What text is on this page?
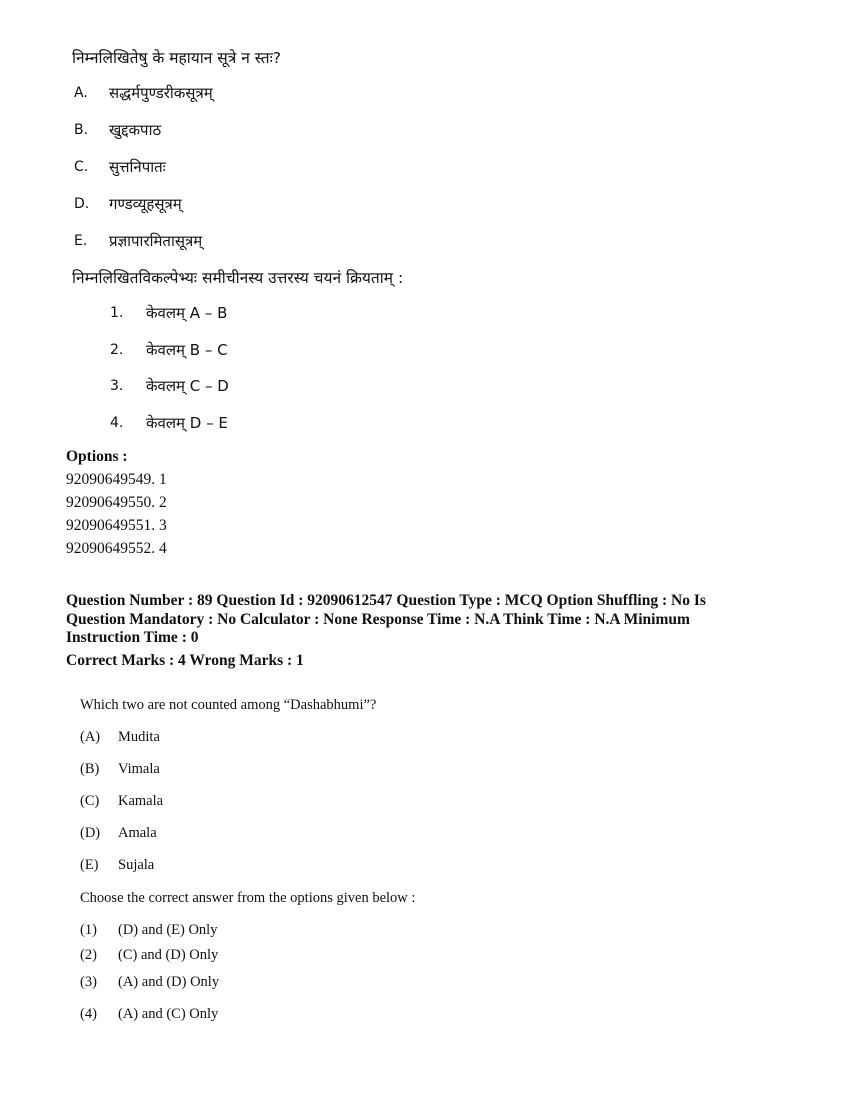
निम्नलिखितेषु के महायान सूत्रे न स्तः?
A. सद्धर्मपुण्डरीकसूत्रम्
B. खुद्दकपाठ
C. सुत्तनिपातः
D. गण्डव्यूहसूत्रम्
E. प्रज्ञापारमितासूत्रम्
निम्नलिखितविकल्पेभ्यः समीचीनस्य उत्तरस्य चयनं क्रियताम् :
1. केवलम् A – B
2. केवलम् B – C
3. केवलम् C – D
4. केवलम् D – E
Options :
92090649549. 1
92090649550. 2
92090649551. 3
92090649552. 4
Question Number : 89 Question Id : 92090612547 Question Type : MCQ Option Shuffling : No Is
Question Mandatory : No Calculator : None Response Time : N.A Think Time : N.A Minimum
Instruction Time : 0
Correct Marks : 4 Wrong Marks : 1
Which two are not counted among “Dashabhumi”?
(A) Mudita
(B) Vimala
(C) Kamala
(D) Amala
(E) Sujala
Choose the correct answer from the options given below :
(1) (D) and (E) Only
(2) (C) and (D) Only
(3) (A) and (D) Only
(4) (A) and (C) Only
